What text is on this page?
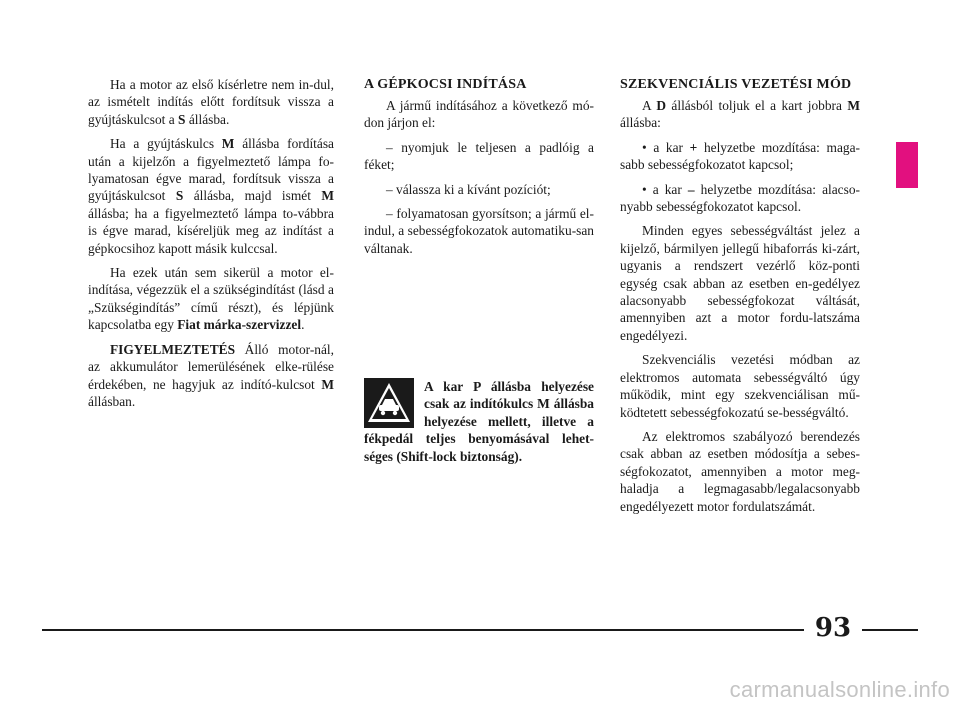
Ha a motor az első kísérletre nem in-dul, az ismételt indítás előtt fordítsuk vissza a gyújtáskulcsot a S állásba.

Ha a gyújtáskulcs M állásba fordítása után a kijelzőn a figyelmeztető lámpa fo-lyamatosan égve marad, fordítsuk vissza a gyújtáskulcsot S állásba, majd ismét M állásba; ha a figyelmeztető lámpa to-vábbra is égve marad, kíséreljük meg az indítást a gépkocsihoz kapott másik kulccsal.

Ha ezek után sem sikerül a motor el-indítása, végezzük el a szükségindítást (lásd a „Szükségindítás” című részt), és lépjünk kapcsolatba egy Fiat márka-szervizzel.

FIGYELMEZTETÉS Álló motor-nál, az akkumulátor lemerülésének elke-rülése érdekében, ne hagyjuk az indító-kulcsot M állásban.

A GÉPKOCSI INDÍTÁSA

A jármű indításához a következő mó-don járjon el:

– nyomjuk le teljesen a padlóig a féket;

– válassza ki a kívánt pozíciót;

– folyamatosan gyorsítson; a jármű el-indul, a sebességfokozatok automatiku-san váltanak.

A kar P állásba helyezése csak az indítókulcs M állásba helyezése mellett, illetve a fékpedál teljes benyomásával lehet-séges (Shift-lock biztonság).
SZEKVENCIÁLIS VEZETÉSI MÓD

A D állásból toljuk el a kart jobbra M állásba:

• a kar + helyzetbe mozdítása: maga-sabb sebességfokozatot kapcsol;

• a kar – helyzetbe mozdítása: alacso-nyabb sebességfokozatot kapcsol.

Minden egyes sebességváltást jelez a kijelző, bármilyen jellegű hibaforrás ki-zárt, ugyanis a rendszert vezérlő köz-ponti egység csak abban az esetben en-gedélyez alacsonyabb sebességfokozat váltását, amennyiben azt a motor fordu-latszáma engedélyezi.

Szekvenciális vezetési módban az elektromos automata sebességváltó úgy működik, mint egy szekvenciálisan mű-ködtetett sebességfokozatú se-bességváltó.

Az elektromos szabályozó berendezés csak abban az esetben módosítja a sebes-ségfokozatot, amennyiben a motor meg-haladja a legmagasabb/legalacsonyabb engedélyezett motor fordulatszámát.

93
carmanualsonline.info
